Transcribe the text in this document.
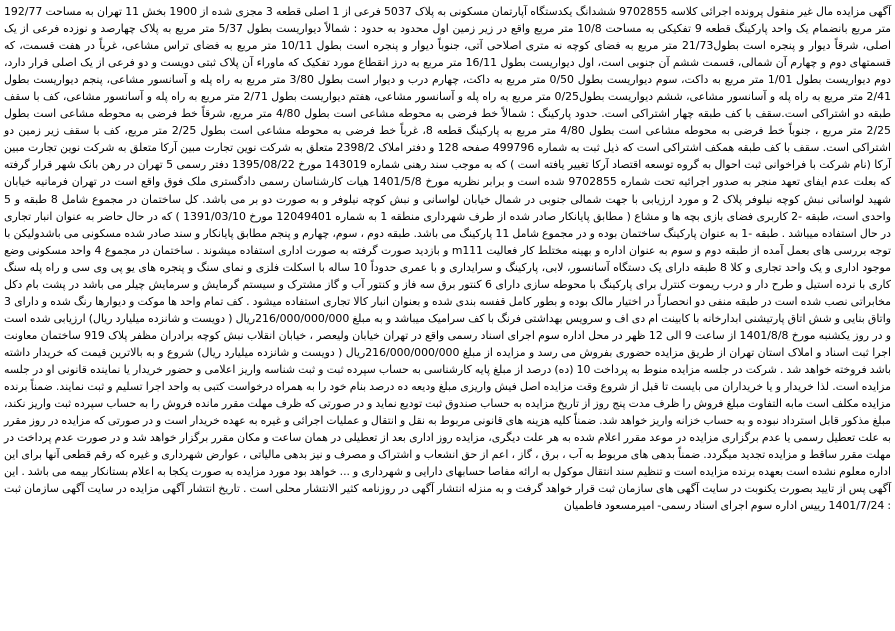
آگهی مزایده مال غیر منقول پرونده اجرائی کلاسه 9702855 ششدانگ یکدستگاه آپارتمان مسکونی به پلاک 5037 فرعی از 1 اصلی قطعه 3 مجزی شده از 1900 بخش 11 تهران به مساحت 192/77 متر مربع بانضمام یک واحد پارکینگ قطعه 9 تفکیکی به مساحت 10/8 متر مربع واقع در زیر زمین اول محدود به حدود : شمالاً دیواریست بطول 5/37 متر مربع به پلاک چهارصد و نوزده فرعی از یک اصلی، شرقاً دیوار و پنجره است بطول21/73 متر مربع به فضای کوچه نه متری اصلاحی آتی، جنوباً دیوار و پنجره است بطول 10/11 متر مربع به فضای تراس مشاعی، غرباً در هفت قسمت، که قسمتهای دوم و چهارم آن شمالی، قسمت ششم آن جنوبی است، اول دیواریست بطول 16/11 متر مربع به درز انقطاع مورد تفکیک که ماوراء آن پلاک ثبتی دویست و دو فرعی از یک اصلی قرار دارد، دوم دیواریست بطول 1/01 متر مربع به داکت، سوم دیواریست بطول 0/50 متر مربع به داکت، چهارم درب و دیوار است بطول 3/80 متر مربع به راه پله و آسانسور مشاعی، پنجم دیواریست بطول 2/41 متر مربع به راه پله و آسانسور مشاعی، ششم دیواریست بطول0/25 متر مربع به راه پله و آسانسور مشاعی، هفتم دیواریست بطول 2/71 متر مربع به راه پله و آسانسور مشاعی، کف با سقف طبقه دو اشتراکی است.سقف با کف طبقه چهار اشتراکی است. حدود پارکینگ : شمالاً خط فرضی به محوطه مشاعی است بطول 4/80 متر مربع، شرقاً خط فرضی به محوطه مشاعی است بطول 2/25 متر مربع ، جنوباً خط فرضی به محوطه مشاعی است بطول 4/80 متر مربع به پارکینگ قطعه 8، غرباً خط فرضی به محوطه مشاعی است بطول 2/25 متر مربع، کف با سقف زیر زمین دو اشتراکی است. سقف با کف طبقه همکف اشتراکی است که ذیل ثبت به شماره 499796 صفحه 128 و دفتر املاک 2398/2 متعلق به شرکت نوین تجارت مبین آرکا متعلق به شرکت نوین تجارت مبین آرکا (نام شرکت با فراخوانی ثبت احوال به گروه توسعه اقتصاد آرکا تغییر یافته است ) که به موجب سند رهنی شماره 143019 مورخ 1395/08/22 دفتر رسمی 5 تهران در رهن بانک شهر قرار گرفته که بعلت عدم ایفای تعهد منجر به صدور اجرائیه تحت شماره 9702855 شده است و برابر نظریه مورخ 1401/5/8 هیات کارشناسان رسمی دادگستری ملک فوق واقع است در تهران فرمانیه خیابان شهید لواسانی نبش کوچه نیلوفر پلاک 2 و مورد ارزیابی با جهت شمالی جنوبی در شمال خیابان لواسانی و نبش کوچه نیلوفر و به صورت دو بر می باشد. کل ساختمان در مجموع شامل 8 طبقه و 5 واحدی است، طبقه -2 کاربری فضای بازی بچه ها و مشاع ( مطابق پایانکار صادر شده از طرف شهرداری منطقه 1 به شماره 12049401 مورخ 1391/03/10 ) که در حال حاضر به عنوان انبار تجاری در حال استفاده میباشد . طبقه -1 به عنوان پارکینگ ساختمان بوده و در مجموع شامل 11 پارکینگ می باشد. طبقه دوم ، سوم، چهارم و پنجم مطابق پایانکار و سند صادر شده مسکونی می باشدولیکن با توجه بررسی های بعمل آمده از طبقه دوم و سوم به عنوان اداره و بهینه مختلط کار فعالیت m111 و بازدید صورت گرفته به صورت اداری استفاده میشوند . ساختمان در مجموع 4 واحد مسکونی وضع موجود اداری و یک واحد تجاری و کلا 8 طبقه دارای یک دستگاه آسانسور، لابی، پارکینگ و سرایداری و با عمری حدوداً 10 ساله با اسکلت فلزی و نمای سنگ و پنجره های یو پی وی سی و راه پله سنگ کاری با نرده استیل و طرح دار و درب ریموت کنترل برای پارکینگ با محوطه سازی دارای 6 کنتور برق سه فاز و کنتور آب و گاز مشترک و سیستم گرمایش و سرمایش چیلر می باشد در پشت بام دکل مخابراتی نصب شده است در طبقه منفی دو انحصاراً در اختیار مالک بوده و بطور کامل قفسه بندی شده و بعنوان انبار کالا تجاری استفاده میشود . کف تمام واحد ها موکت و دیوارها رنگ شده و دارای 3 واتاق بنایی و شش اتاق پارتیشنی ابدارخانه با کابینت ام دی اف و سرویس بهداشتی فرنگ با کف سرامیک میباشد و به مبلغ 216/000/000/000ریال ( دویست و شانزده میلیارد ریال) ارزیابی شده است و در روز یکشنبه مورخ 1401/8/8 از ساعت 9 الی 12 ظهر در محل اداره سوم اجرای اسناد رسمی واقع در تهران خیابان ولیعصر ، خیابان انقلاب نبش کوچه برادران مظفر پلاک 919 ساختمان معاونت اجرا ثبت اسناد و املاک استان تهران از طریق مزایده حضوری بفروش می رسد و مزایده از مبلغ 216/000/000/000ریال ( دویست و شانزده میلیارد ریال) شروع و به بالاترین قیمت که خریدار داشته باشد فروخته خواهد شد . شرکت در جلسه مزایده منوط به پرداخت 10 (ده) درصد از مبلغ پایه کارشناسی به حساب سپرده ثبت و ثبت شناسه واریز اعلامی و حضور خریدار یا نماینده قانونی او در جلسه مزایده است. لذا خریدار و یا خریداران می بایست تا قبل از شروع وقت مزایده اصل فیش واریزی مبلغ ودیعه ده درصد بنام خود را به همراه درخواست کتبی به واحد اجرا تسلیم و ثبت نمایند. ضمناً برنده مزایده مکلف است مابه التفاوت مبلغ فروش را ظرف مدت پنج روز از تاریخ مزایده به حساب صندوق ثبت تودیع نماید و در صورتی که ظرف مهلت مقرر مانده فروش را به حساب سپرده ثبت واریز نکند، مبلغ مذکور قابل استرداد نبوده و به حساب خزانه واریز خواهد شد. ضمناً کلیه هزینه های قانونی مربوط به نقل و انتقال و عملیات اجرائی و غیره به عهده خریدار است و در صورتی که مزایده در روز مقرر به علت تعطیل رسمی یا عدم برگزاری مزایده در موعد مقرر اعلام شده به هر علت دیگری، مزایده روز اداری بعد از تعطیلی در همان ساعت و مکان مقرر برگزار خواهد شد و در صورت عدم پرداخت در مهلت مقرر ساقط و مزایده تجدید میگردد. ضمناً بدهی های مربوط به آب ، برق ، گاز ، اعم از حق انشعاب و اشتراک و مصرف و نیز بدهی مالیاتی ، عوارض شهرداری و غیره که رقم قطعی آنها برای این اداره معلوم نشده است بعهده برنده مزایده است و تنظیم سند انتقال موکول به ارائه مفاصا حسابهای دارایی و شهرداری و ... خواهد بود مورد مزایده به صورت یکجا به اعلام بستانکار بیمه می باشد . این آگهی پس از تایید بصورت یکنوبت در سایت آگهی های سازمان ثبت قرار خواهد گرفت و به منزله انتشار آگهی در روزنامه کثیر الانتشار محلی است . تاریخ انتشار آگهی مزایده در سایت آگهی سازمان ثبت : 1401/7/24 رییس اداره سوم اجرای اسناد رسمی- امیرمسعود فاطمیان
